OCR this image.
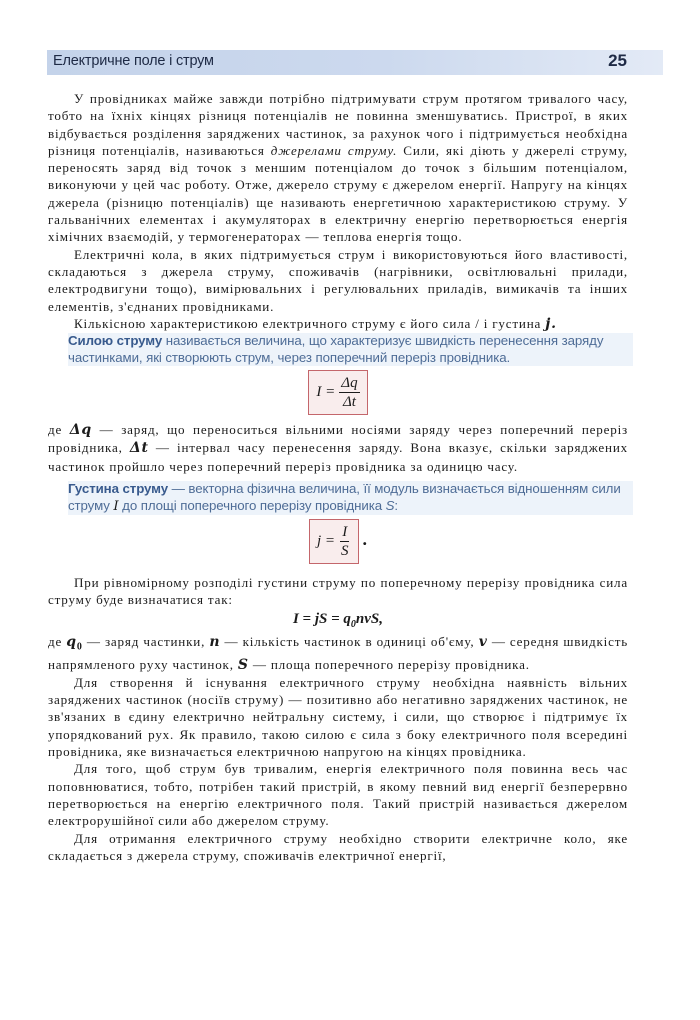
Електричне поле і струм	25

У провідниках майже завжди потрібно підтримувати струм протягом тривалого часу, тобто на їхніх кінцях різниця потенціалів не повинна зменшуватись. Пристрої, в яких відбувається розділення заряджених частинок, за рахунок чого і підтримується необхідна різниця потенціалів, називаються джерелами струму. Сили, які діють у джерелі струму, переносять заряд від точок з меншим потенціалом до точок з більшим потенціалом, виконуючи у цей час роботу. Отже, джерело струму є джерелом енергії. Напругу на кінцях джерела (різницю потенціалів) ще називають енергетичною характеристикою струму. У гальванічних елементах і акумуляторах в електричну енергію перетворюється енергія хімічних взаємодій, у термогенераторах — теплова енергія тощо.

Електричні кола, в яких підтримується струм і використовуються його властивості, складаються з джерела струму, споживачів (нагрівники, освітлювальні прилади, електродвигуни тощо), вимірювальних і регулювальних приладів, вимикачів та інших елементів, з'єднаних провідниками.

Кількісною характеристикою електричного струму є його сила / і густина j.

Силою струму називається величина, що характеризує швидкість перенесення заряду частинками, які створюють струм, через поперечний переріз провідника.

$I = \frac{\Delta q}{\Delta t}$

де Δq — заряд, що переноситься вільними носіями заряду через поперечний переріз провідника, Δt — інтервал часу перенесення заряду. Вона вказує, скільки заряджених частинок пройшло через поперечний переріз провідника за одиницю часу.

Густина струму — векторна фізична величина, її модуль визначається відношенням сили струму I до площі поперечного перерізу провідника S:

$j = \frac{I}{S}$ .

При рівномірному розподілі густини струму по поперечному перерізу провідника сила струму буде визначатися так:

I = jS = $q_0nvS$,

де $q_0$ — заряд частинки, n — кількість частинок в одиниці об'єму, v — середня швидкість напрямленого руху частинок, S — площа поперечного перерізу провідника.

Для створення й існування електричного струму необхідна наявність вільних заряджених частинок (носіїв струму) — позитивно або негативно заряджених частинок, не зв'язаних в єдину електрично нейтральну систему, і сили, що створює і підтримує їх упорядкований рух. Як правило, такою силою є сила з боку електричного поля всередині провідника, яке визначається електричною напругою на кінцях провідника.

Для того, щоб струм був тривалим, енергія електричного поля повинна весь час поповнюватися, тобто, потрібен такий пристрій, в якому певний вид енергії безперервно перетворюється на енергію електричного поля. Такий пристрій називається джерелом електрорушійної сили або джерелом струму.

Для отримання електричного струму необхідно створити електричне коло, яке складається з джерела струму, споживачів електричної енергії,
